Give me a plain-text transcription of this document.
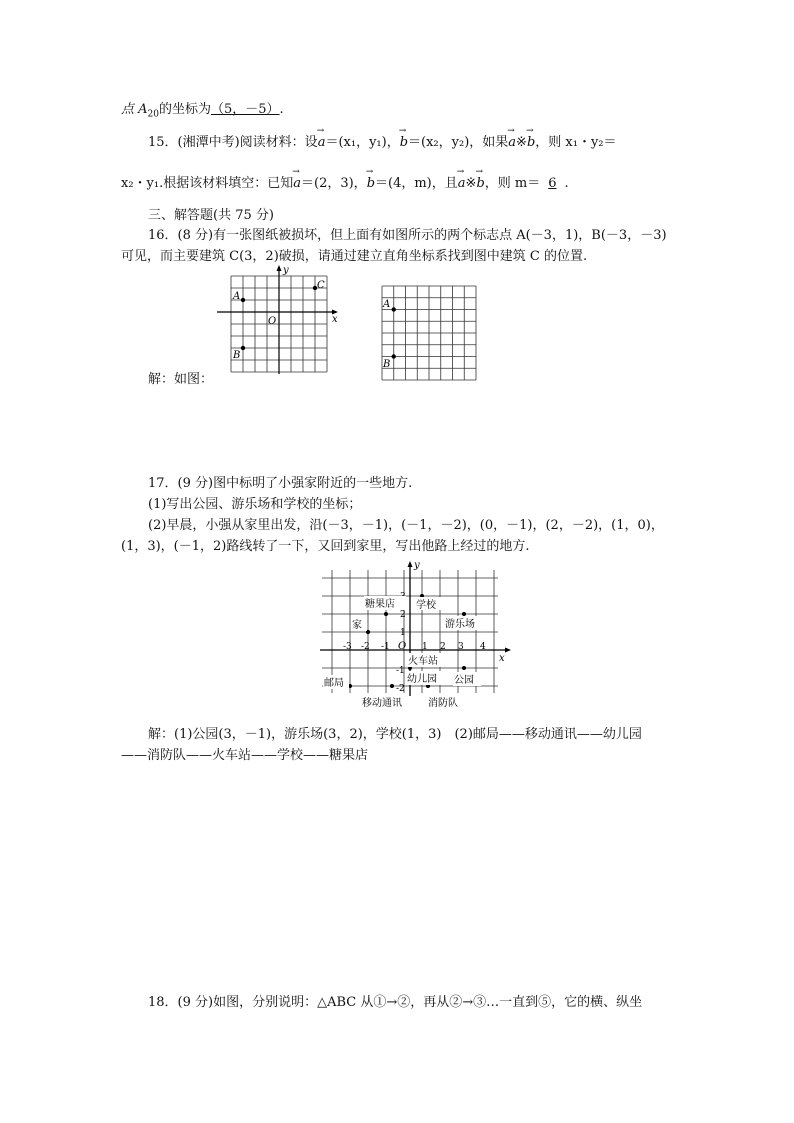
点 $A_{20}$的坐标为（5，－5）.
15．(湘潭中考)阅读材料：设→ a＝(x₁，y₁)，→ b＝(x₂，y₂)，如果→ a※→ b，则 x₁・y₂＝
x₂・y₁.根据该材料填空：已知→ a＝(2，3)，→ b＝(4，m)，且→ a※→ b，则 m＝ 6 .
三、解答题(共 75 分)
16．(8 分)有一张图纸被损坏，但上面有如图所示的两个标志点 A(－3，1)，B(－3，－3)
可见，而主要建筑 C(3，2)破损，请通过建立直角坐标系找到图中建筑 C 的位置.
y
x
O
A
B
C
A
B
解：如图：
17．(9 分)图中标明了小强家附近的一些地方.
(1)写出公园、游乐场和学校的坐标；
(2)早晨，小强从家里出发，沿(－3，－1)，(－1，－2)，(0，－1)，(2，－2)，(1，0)，
(1，3)，(－1，2)路线转了一下，又回到家里，写出他路上经过的地方.
y
x
O
-3 -2 -1	1 2 3 4
2
1
-1
-2
糖果店 学校
家	游乐场
火车站
邮局	幼儿园 公园
移动通讯	消防队
解：(1)公园(3，－1)，游乐场(3，2)，学校(1，3)　(2)邮局——移动通讯——幼儿园
——消防队——火车站——学校——糖果店
18．(9 分)如图，分别说明：△ABC 从①→②，再从②→③…一直到⑤，它的横、纵坐
